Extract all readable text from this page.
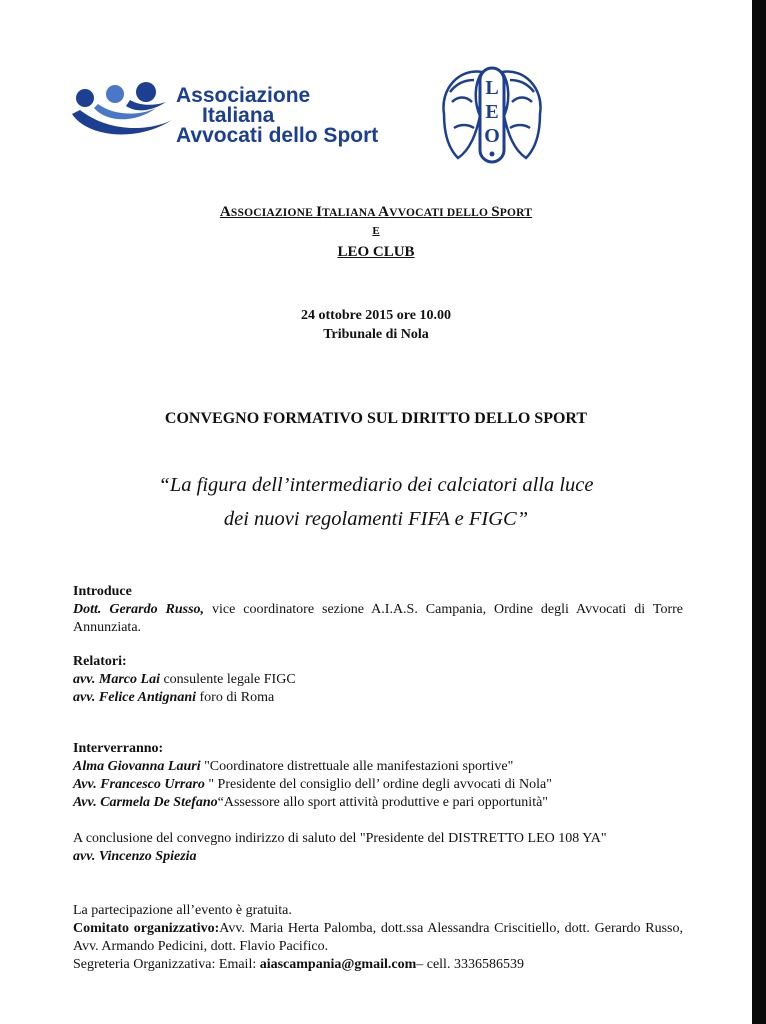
Associazione
Italiana
Avvocati dello Sport
L
E
O
ASSOCIAZIONE ITALIANA AVVOCATI DELLO SPORT
E
LEO CLUB
24 ottobre 2015 ore 10.00
Tribunale di Nola
CONVEGNO FORMATIVO SUL DIRITTO DELLO SPORT
“La figura dell’intermediario dei calciatori alla luce
dei nuovi regolamenti FIFA e FIGC”
Introduce
Dott. Gerardo Russo, vice coordinatore sezione A.I.A.S. Campania, Ordine degli Avvocati di Torre Annunziata.
Relatori:
avv. Marco Lai consulente legale FIGC
avv. Felice Antignani foro di Roma
Interverranno:
Alma Giovanna Lauri "Coordinatore distrettuale alle manifestazioni sportive"
Avv. Francesco Urraro " Presidente del consiglio dell’ ordine degli avvocati di Nola"
Avv. Carmela De Stefano“Assessore allo sport attività produttive e pari opportunità"
A conclusione del convegno indirizzo di saluto del "Presidente del DISTRETTO LEO 108 YA"
avv. Vincenzo Spiezia
La partecipazione all’evento è gratuita.
Comitato organizzativo:Avv. Maria Herta Palomba, dott.ssa Alessandra Criscitiello, dott. Gerardo Russo, Avv. Armando Pedicini, dott. Flavio Pacifico.
Segreteria Organizzativa: Email: aiascampania@gmail.com– cell. 3336586539
